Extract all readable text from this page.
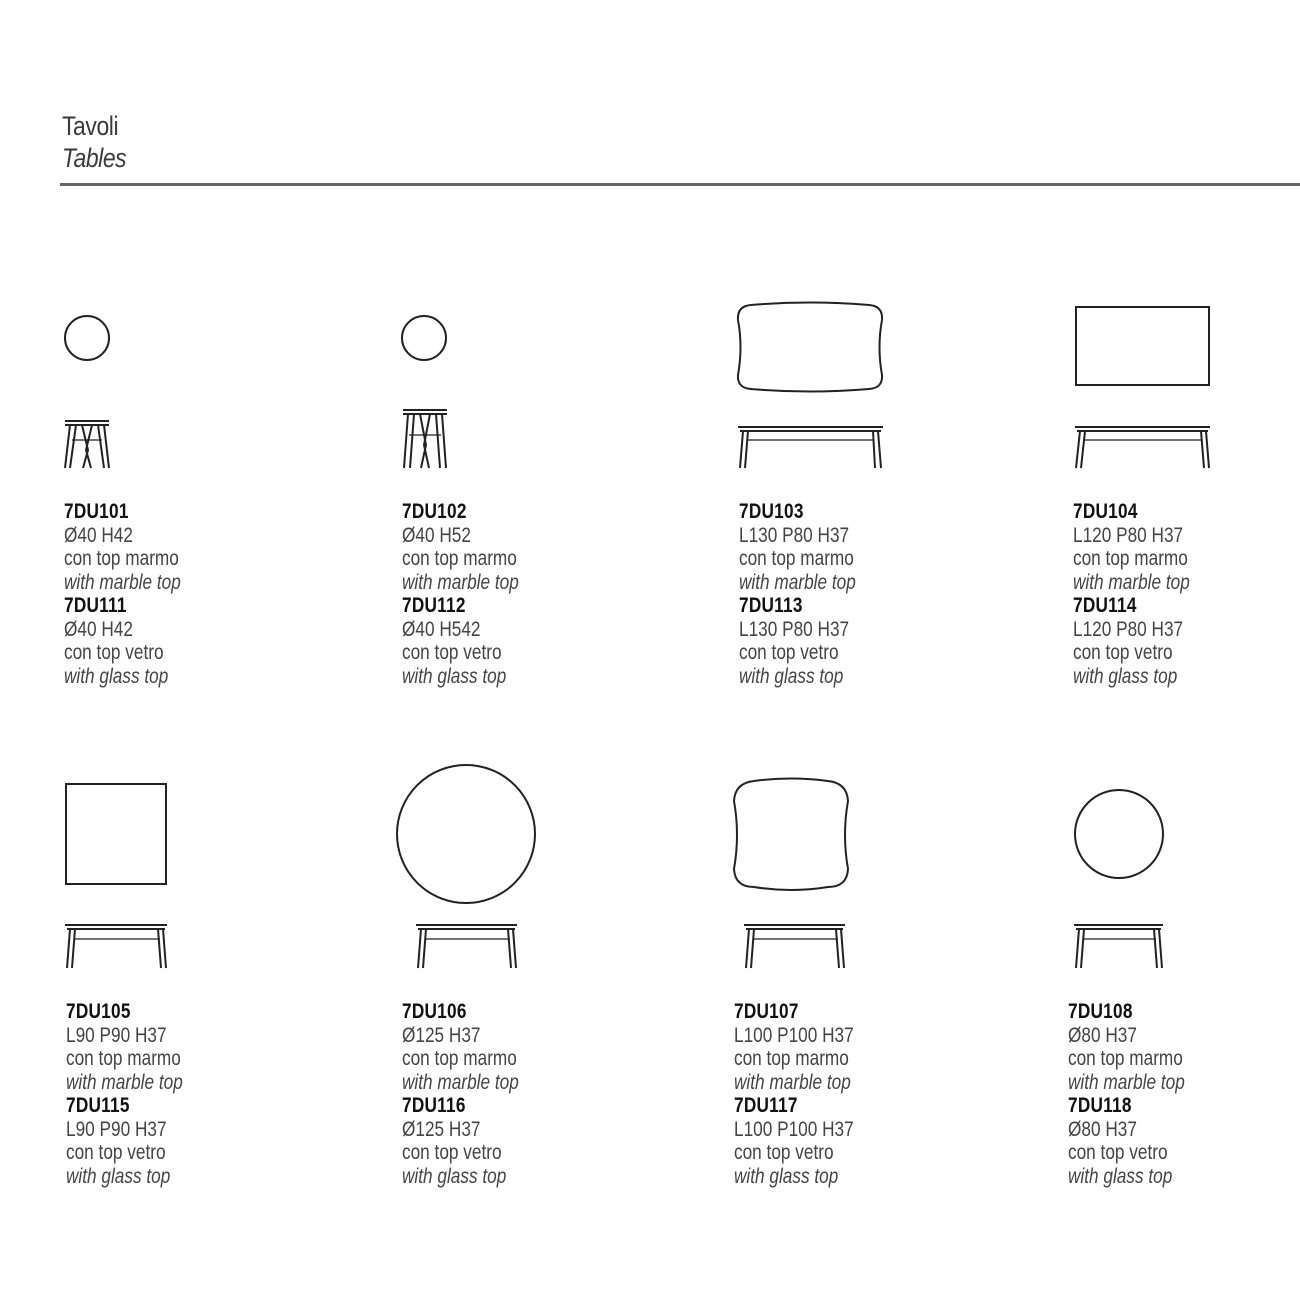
Tavoli
Tables
7DU101
Ø40 H42
con top marmo
with marble top
7DU111
Ø40 H42
con top vetro
with glass top
7DU102
Ø40 H52
con top marmo
with marble top
7DU112
Ø40 H542
con top vetro
with glass top
7DU103
L130 P80 H37
con top marmo
with marble top
7DU113
L130 P80 H37
con top vetro
with glass top
7DU104
L120 P80 H37
con top marmo
with marble top
7DU114
L120 P80 H37
con top vetro
with glass top
7DU105
L90 P90 H37
con top marmo
with marble top
7DU115
L90 P90 H37
con top vetro
with glass top
7DU106
Ø125 H37
con top marmo
with marble top
7DU116
Ø125 H37
con top vetro
with glass top
7DU107
L100 P100 H37
con top marmo
with marble top
7DU117
L100 P100 H37
con top vetro
with glass top
7DU108
Ø80 H37
con top marmo
with marble top
7DU118
Ø80 H37
con top vetro
with glass top
